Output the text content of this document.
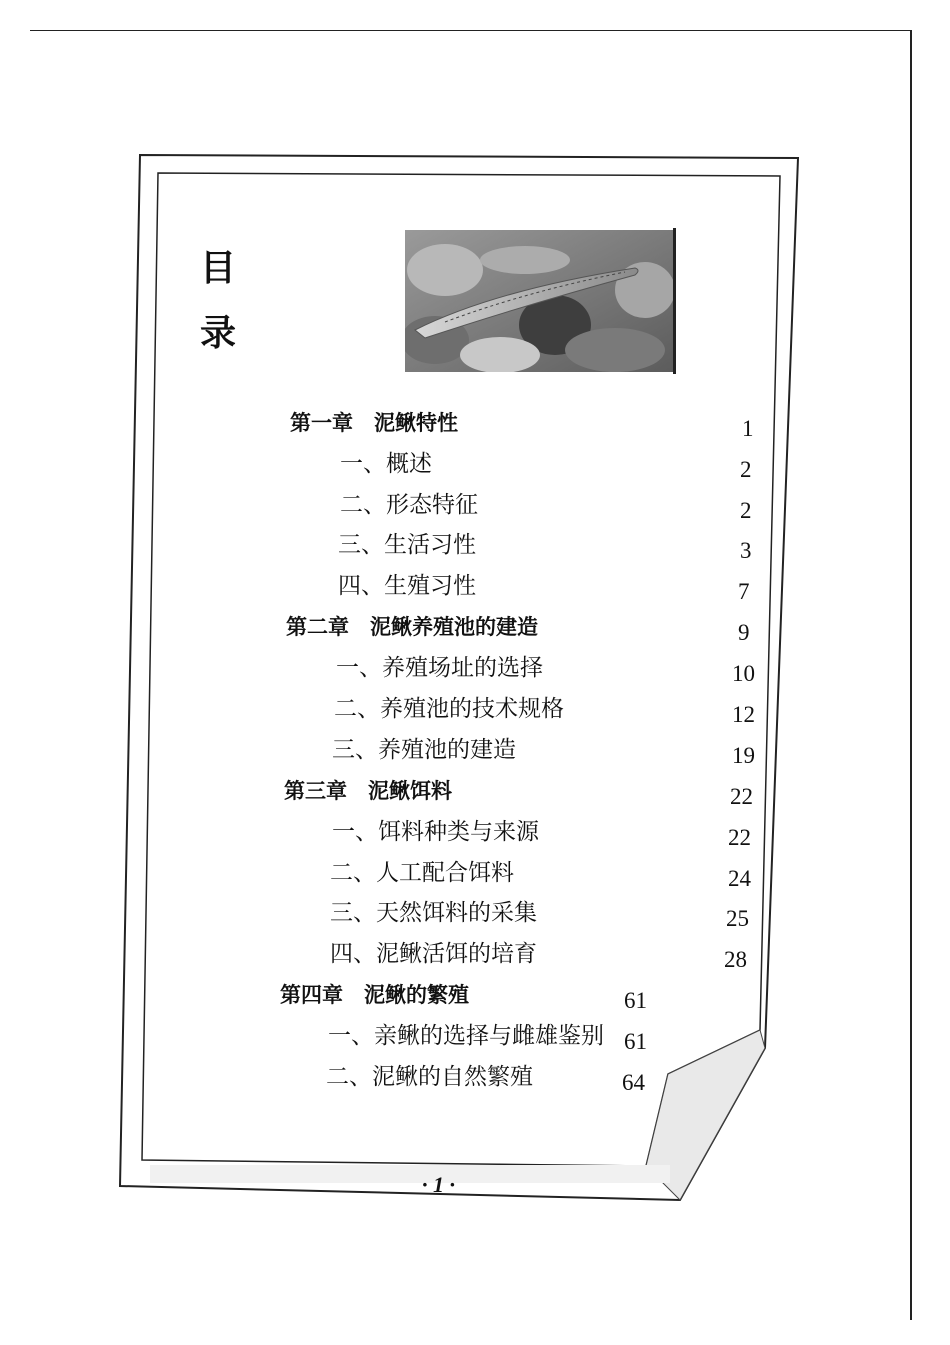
目
录
第一章　泥鳅特性	1
一、概述	2
二、形态特征	2
三、生活习性	3
四、生殖习性	7
第二章　泥鳅养殖池的建造	9
一、养殖场址的选择	10
二、养殖池的技术规格	12
三、养殖池的建造	19
第三章　泥鳅饵料	22
一、饵料种类与来源	22
二、人工配合饵料	24
三、天然饵料的采集	25
四、泥鳅活饵的培育	28
第四章　泥鳅的繁殖	61
一、亲鳅的选择与雌雄鉴别 61
二、泥鳅的自然繁殖	64
· 1 ·
